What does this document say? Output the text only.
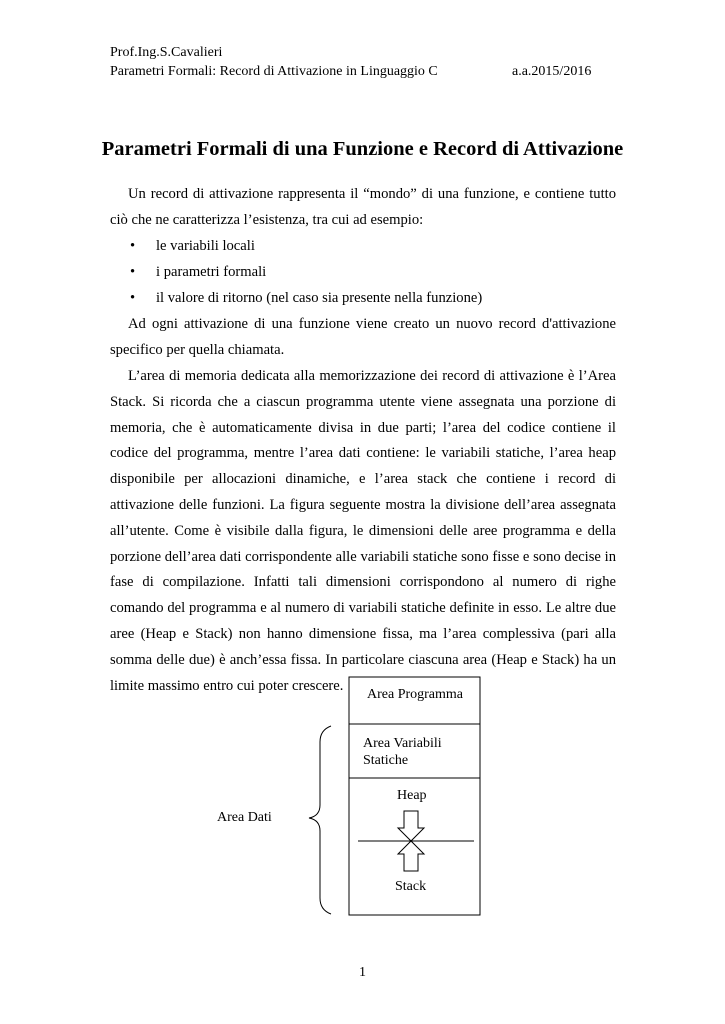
Prof.Ing.S.Cavalieri
Parametri Formali: Record di Attivazione in Linguaggio C	a.a.2015/2016
Parametri Formali di una Funzione e Record di Attivazione

Un record di attivazione rappresenta il “mondo” di una funzione, e contiene tutto ciò che ne caratterizza l’esistenza, tra cui ad esempio:

• le variabili locali
• i parametri formali
• il valore di ritorno (nel caso sia presente nella funzione)

Ad ogni attivazione di una funzione viene creato un nuovo record d'attivazione specifico per quella chiamata.

L’area di memoria dedicata alla memorizzazione dei record di attivazione è l’Area Stack. Si ricorda che a ciascun programma utente viene assegnata una porzione di memoria, che è automaticamente divisa in due parti; l’area del codice contiene il codice del programma, mentre l’area dati contiene: le variabili statiche, l’area heap disponibile per allocazioni dinamiche, e l’area stack che contiene i record di attivazione delle funzioni. La figura seguente mostra la divisione dell’area assegnata all’utente. Come è visibile dalla figura, le dimensioni delle aree programma e della porzione dell’area dati corrispondente alle variabili statiche sono fisse e sono decise in fase di compilazione. Infatti tali dimensioni corrispondono al numero di righe comando del programma e al numero di variabili statiche definite in esso. Le altre due aree (Heap e Stack) non hanno dimensione fissa, ma l’area complessiva (pari alla somma delle due) è anch’essa fissa. In particolare ciascuna area (Heap e Stack) ha un limite massimo entro cui poter crescere.

Area Programma
Area Variabili
Statiche
Heap
Stack
Area Dati
1
